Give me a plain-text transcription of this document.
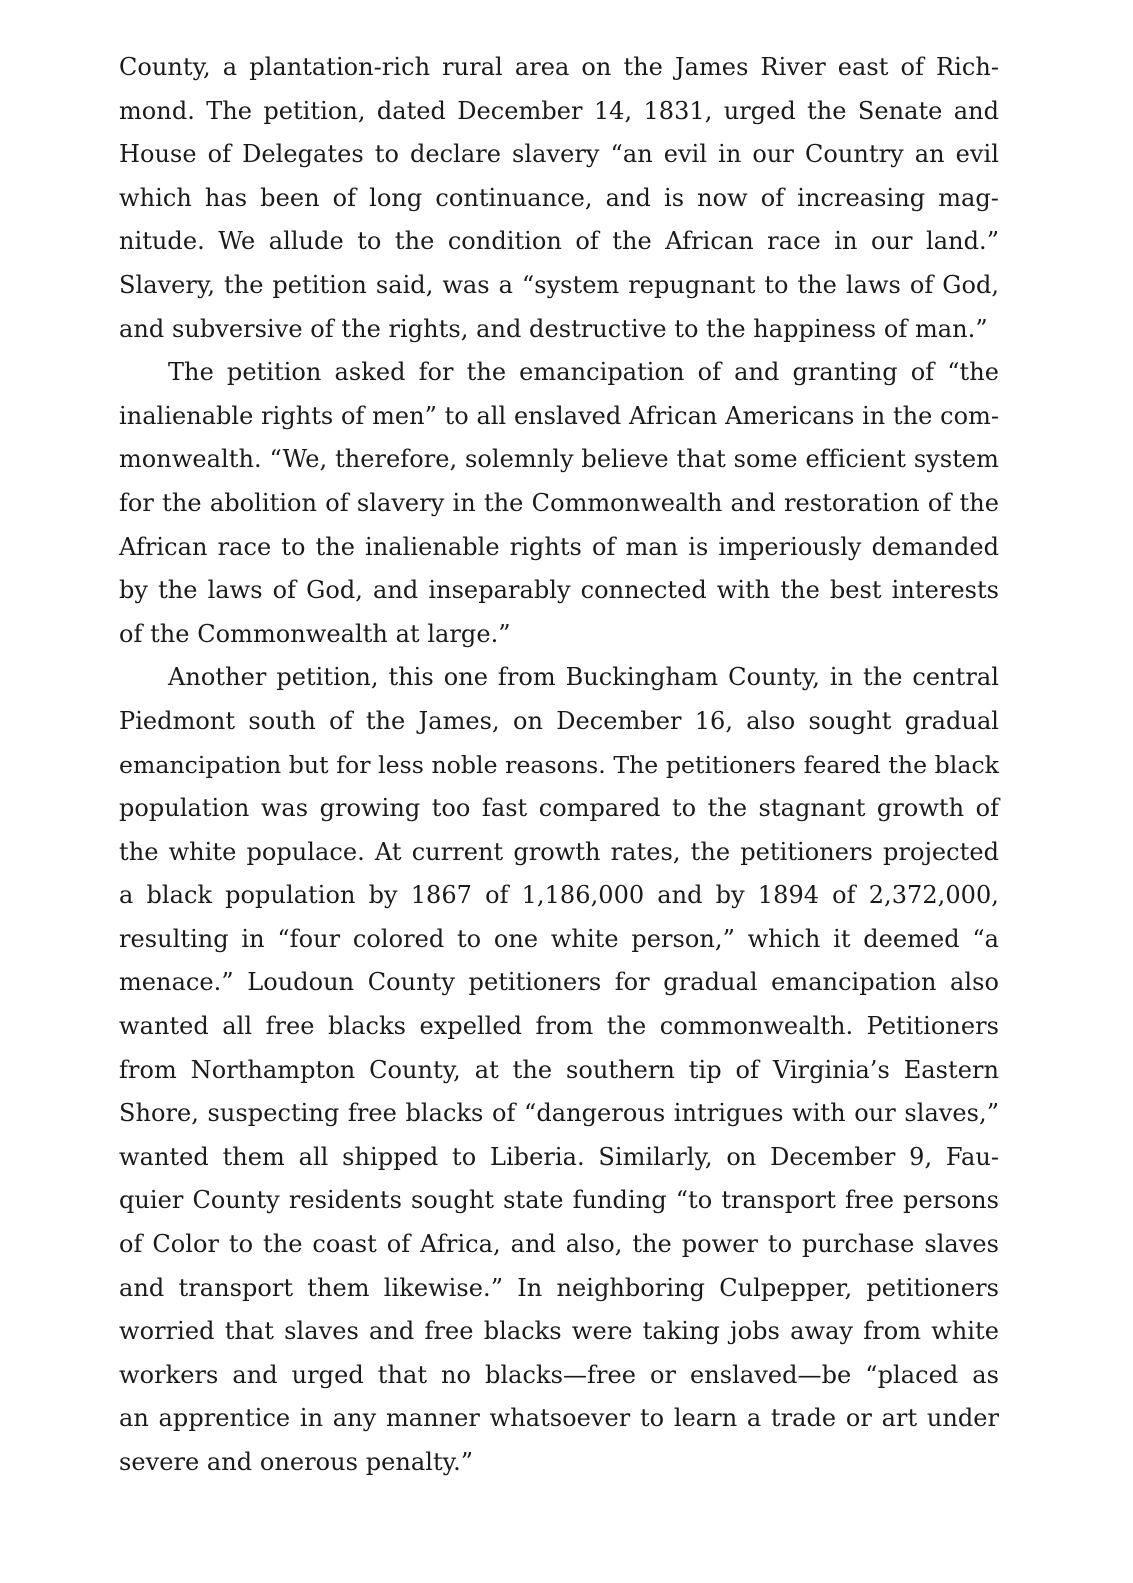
County, a plantation-rich rural area on the James River east of Rich-
mond. The petition, dated December 14, 1831, urged the Senate and
House of Delegates to declare slavery “an evil in our Country an evil
which has been of long continuance, and is now of increasing mag-
nitude. We allude to the condition of the African race in our land.”
Slavery, the petition said, was a “system repugnant to the laws of God,
and subversive of the rights, and destructive to the happiness of man.”
The petition asked for the emancipation of and granting of “the
inalienable rights of men” to all enslaved African Americans in the com-
monwealth. “We, therefore, solemnly believe that some efficient system
for the abolition of slavery in the Commonwealth and restoration of the
African race to the inalienable rights of man is imperiously demanded
by the laws of God, and inseparably connected with the best interests
of the Commonwealth at large.”
Another petition, this one from Buckingham County, in the central
Piedmont south of the James, on December 16, also sought gradual
emancipation but for less noble reasons. The petitioners feared the black
population was growing too fast compared to the stagnant growth of
the white populace. At current growth rates, the petitioners projected
a black population by 1867 of 1,186,000 and by 1894 of 2,372,000,
resulting in “four colored to one white person,” which it deemed “a
menace.” Loudoun County petitioners for gradual emancipation also
wanted all free blacks expelled from the commonwealth. Petitioners
from Northampton County, at the southern tip of Virginia’s Eastern
Shore, suspecting free blacks of “dangerous intrigues with our slaves,”
wanted them all shipped to Liberia. Similarly, on December 9, Fau-
quier County residents sought state funding “to transport free persons
of Color to the coast of Africa, and also, the power to purchase slaves
and transport them likewise.” In neighboring Culpepper, petitioners
worried that slaves and free blacks were taking jobs away from white
workers and urged that no blacks—free or enslaved—be “placed as
an apprentice in any manner whatsoever to learn a trade or art under
severe and onerous penalty.”
